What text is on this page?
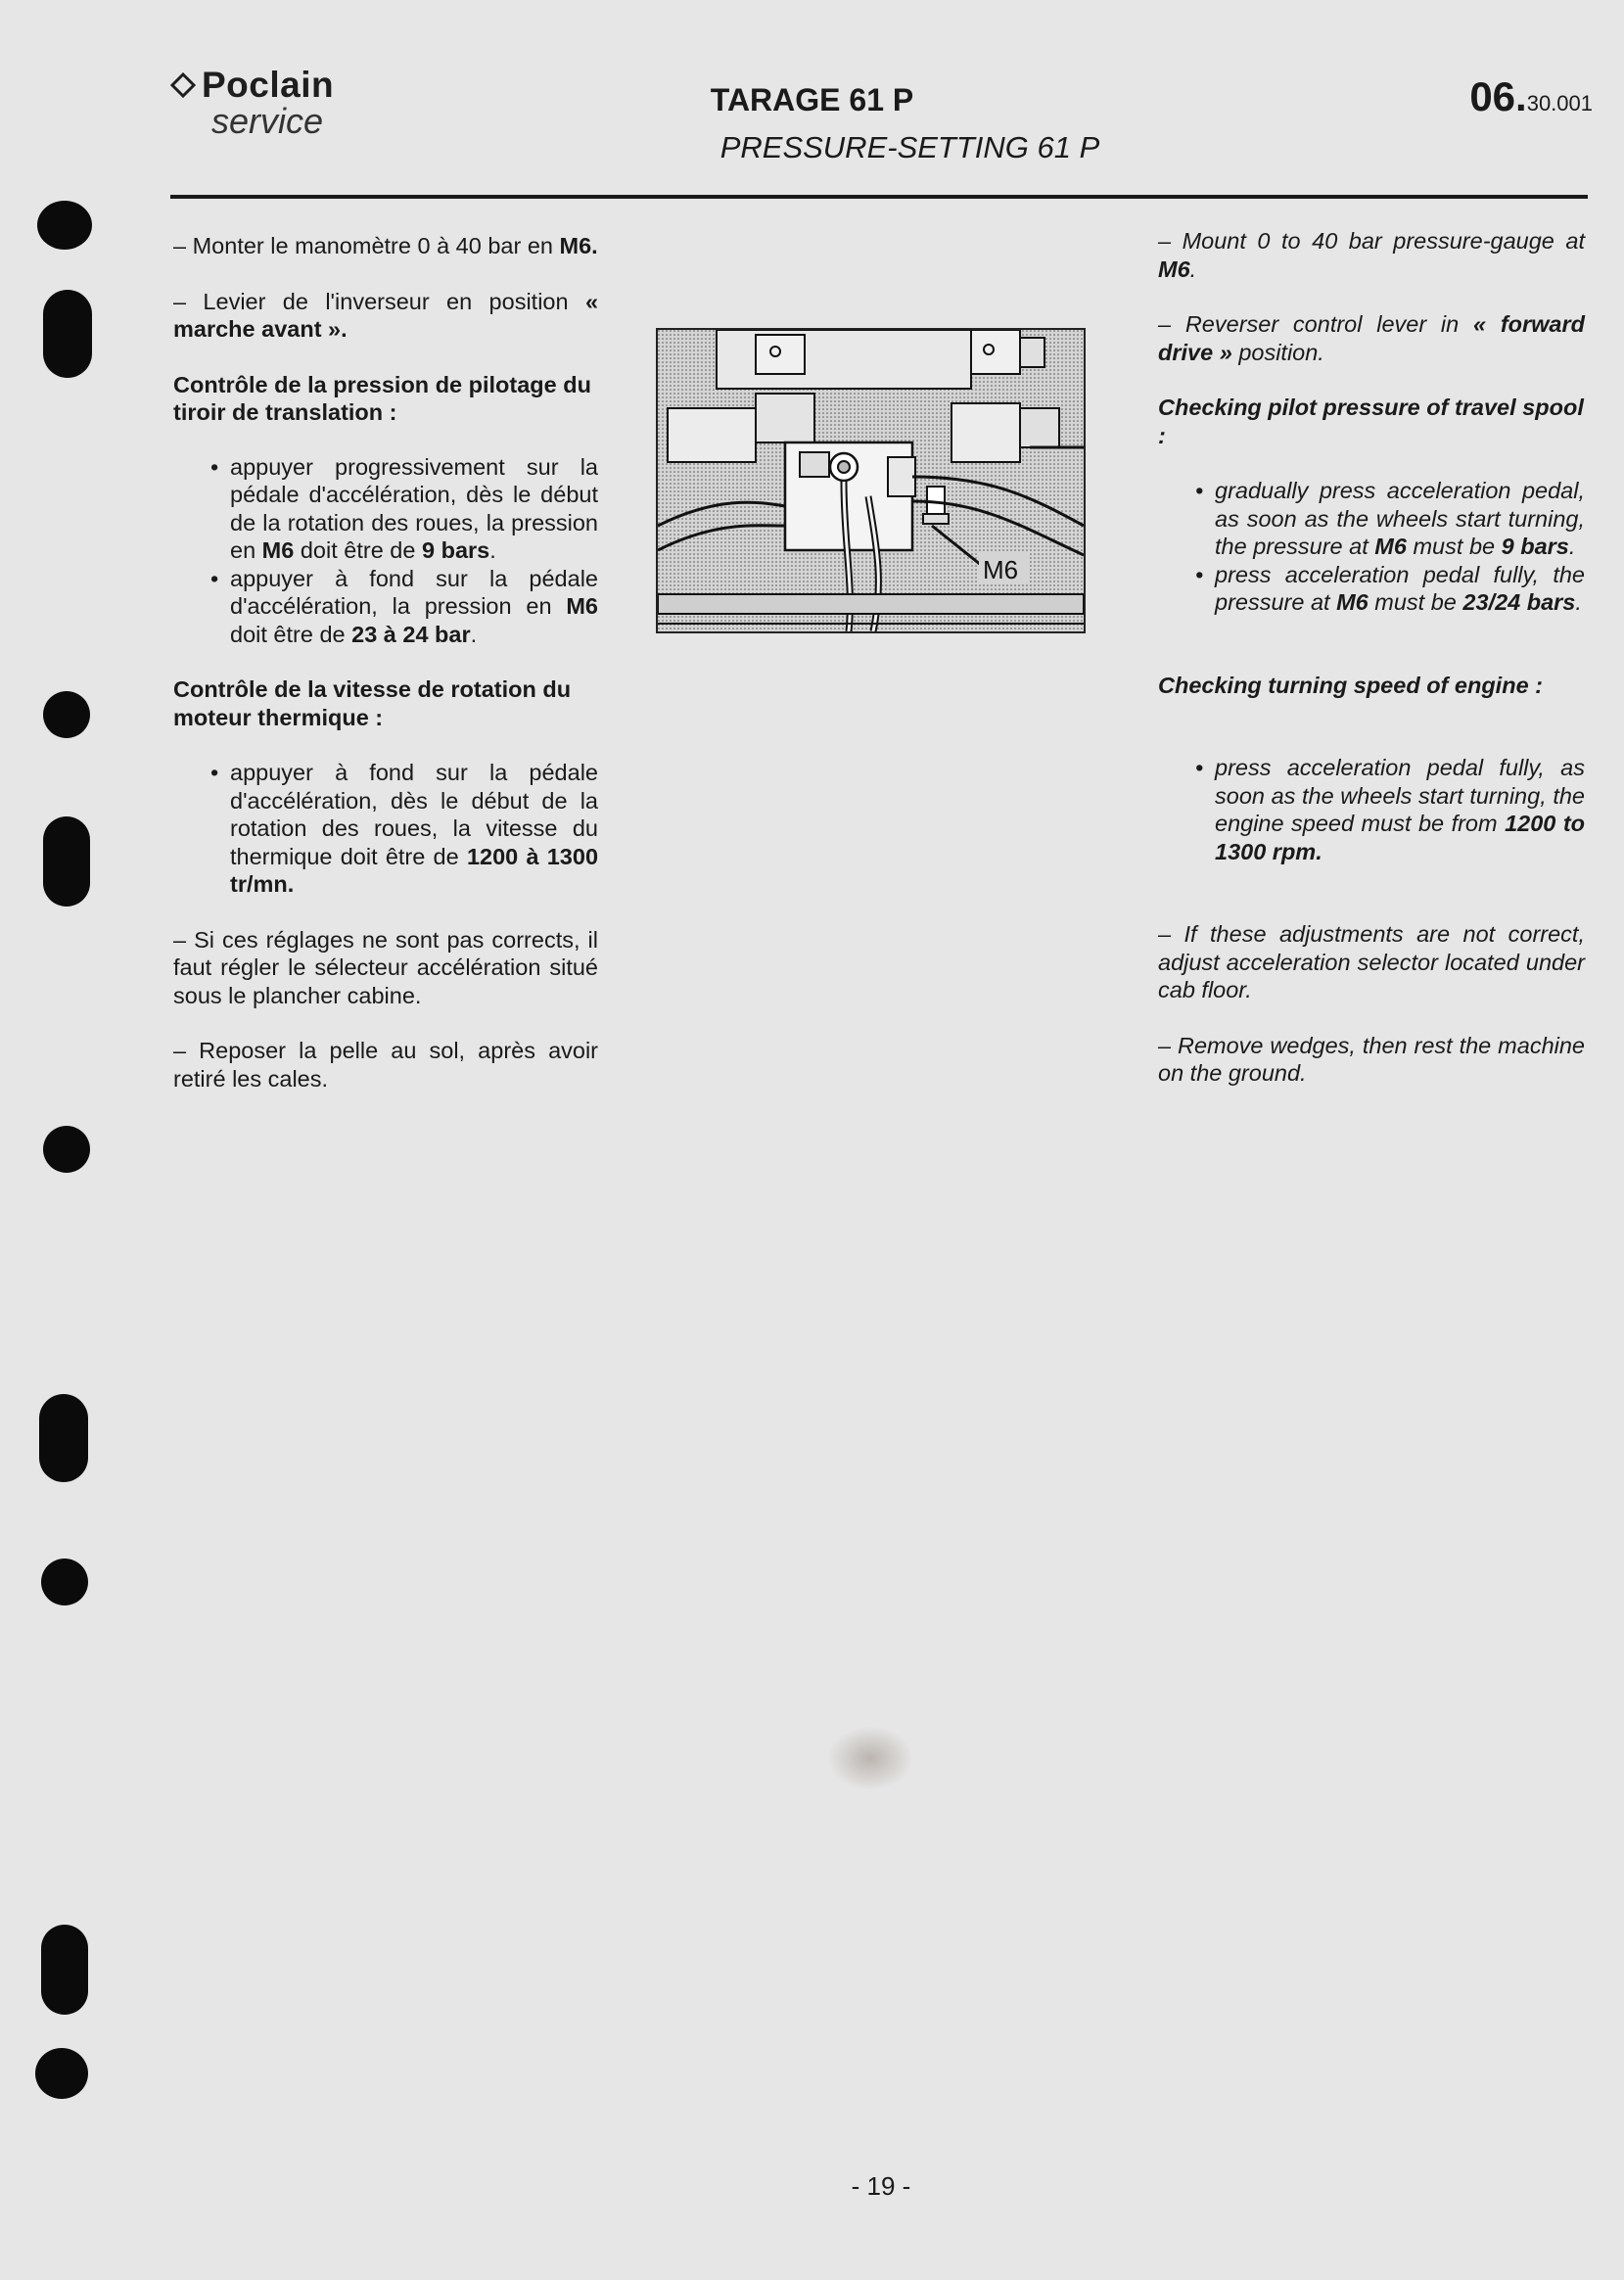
Poclain
service
TARAGE 61 P
PRESSURE-SETTING 61 P
06.30.001

– Monter le manomètre 0 à 40 bar en M6.

– Levier de l'inverseur en position « marche avant ».

Contrôle de la pression de pilotage du tiroir de translation :

• appuyer progressivement sur la pédale d'accélération, dès le début de la rotation des roues, la pression en M6 doit être de 9 bars.
• appuyer à fond sur la pédale d'accélération, la pression en M6 doit être de 23 à 24 bar.

Contrôle de la vitesse de rotation du moteur thermique :

• appuyer à fond sur la pédale d'accélération, dès le début de la rotation des roues, la vitesse du thermique doit être de 1200 à 1300 tr/mn.

– Si ces réglages ne sont pas corrects, il faut régler le sélecteur accélération situé sous le plancher cabine.

– Reposer la pelle au sol, après avoir retiré les cales.

M6

– Mount 0 to 40 bar pressure-gauge at M6.

– Reverser control lever in « forward drive » position.

Checking pilot pressure of travel spool :

• gradually press acceleration pedal, as soon as the wheels start turning, the pressure at M6 must be 9 bars.
• press acceleration pedal fully, the pressure at M6 must be 23/24 bars.

Checking turning speed of engine :

• press acceleration pedal fully, as soon as the wheels start turning, the engine speed must be from 1200 to 1300 rpm.

– If these adjustments are not correct, adjust acceleration selector located under cab floor.

– Remove wedges, then rest the machine on the ground.

- 19 -
